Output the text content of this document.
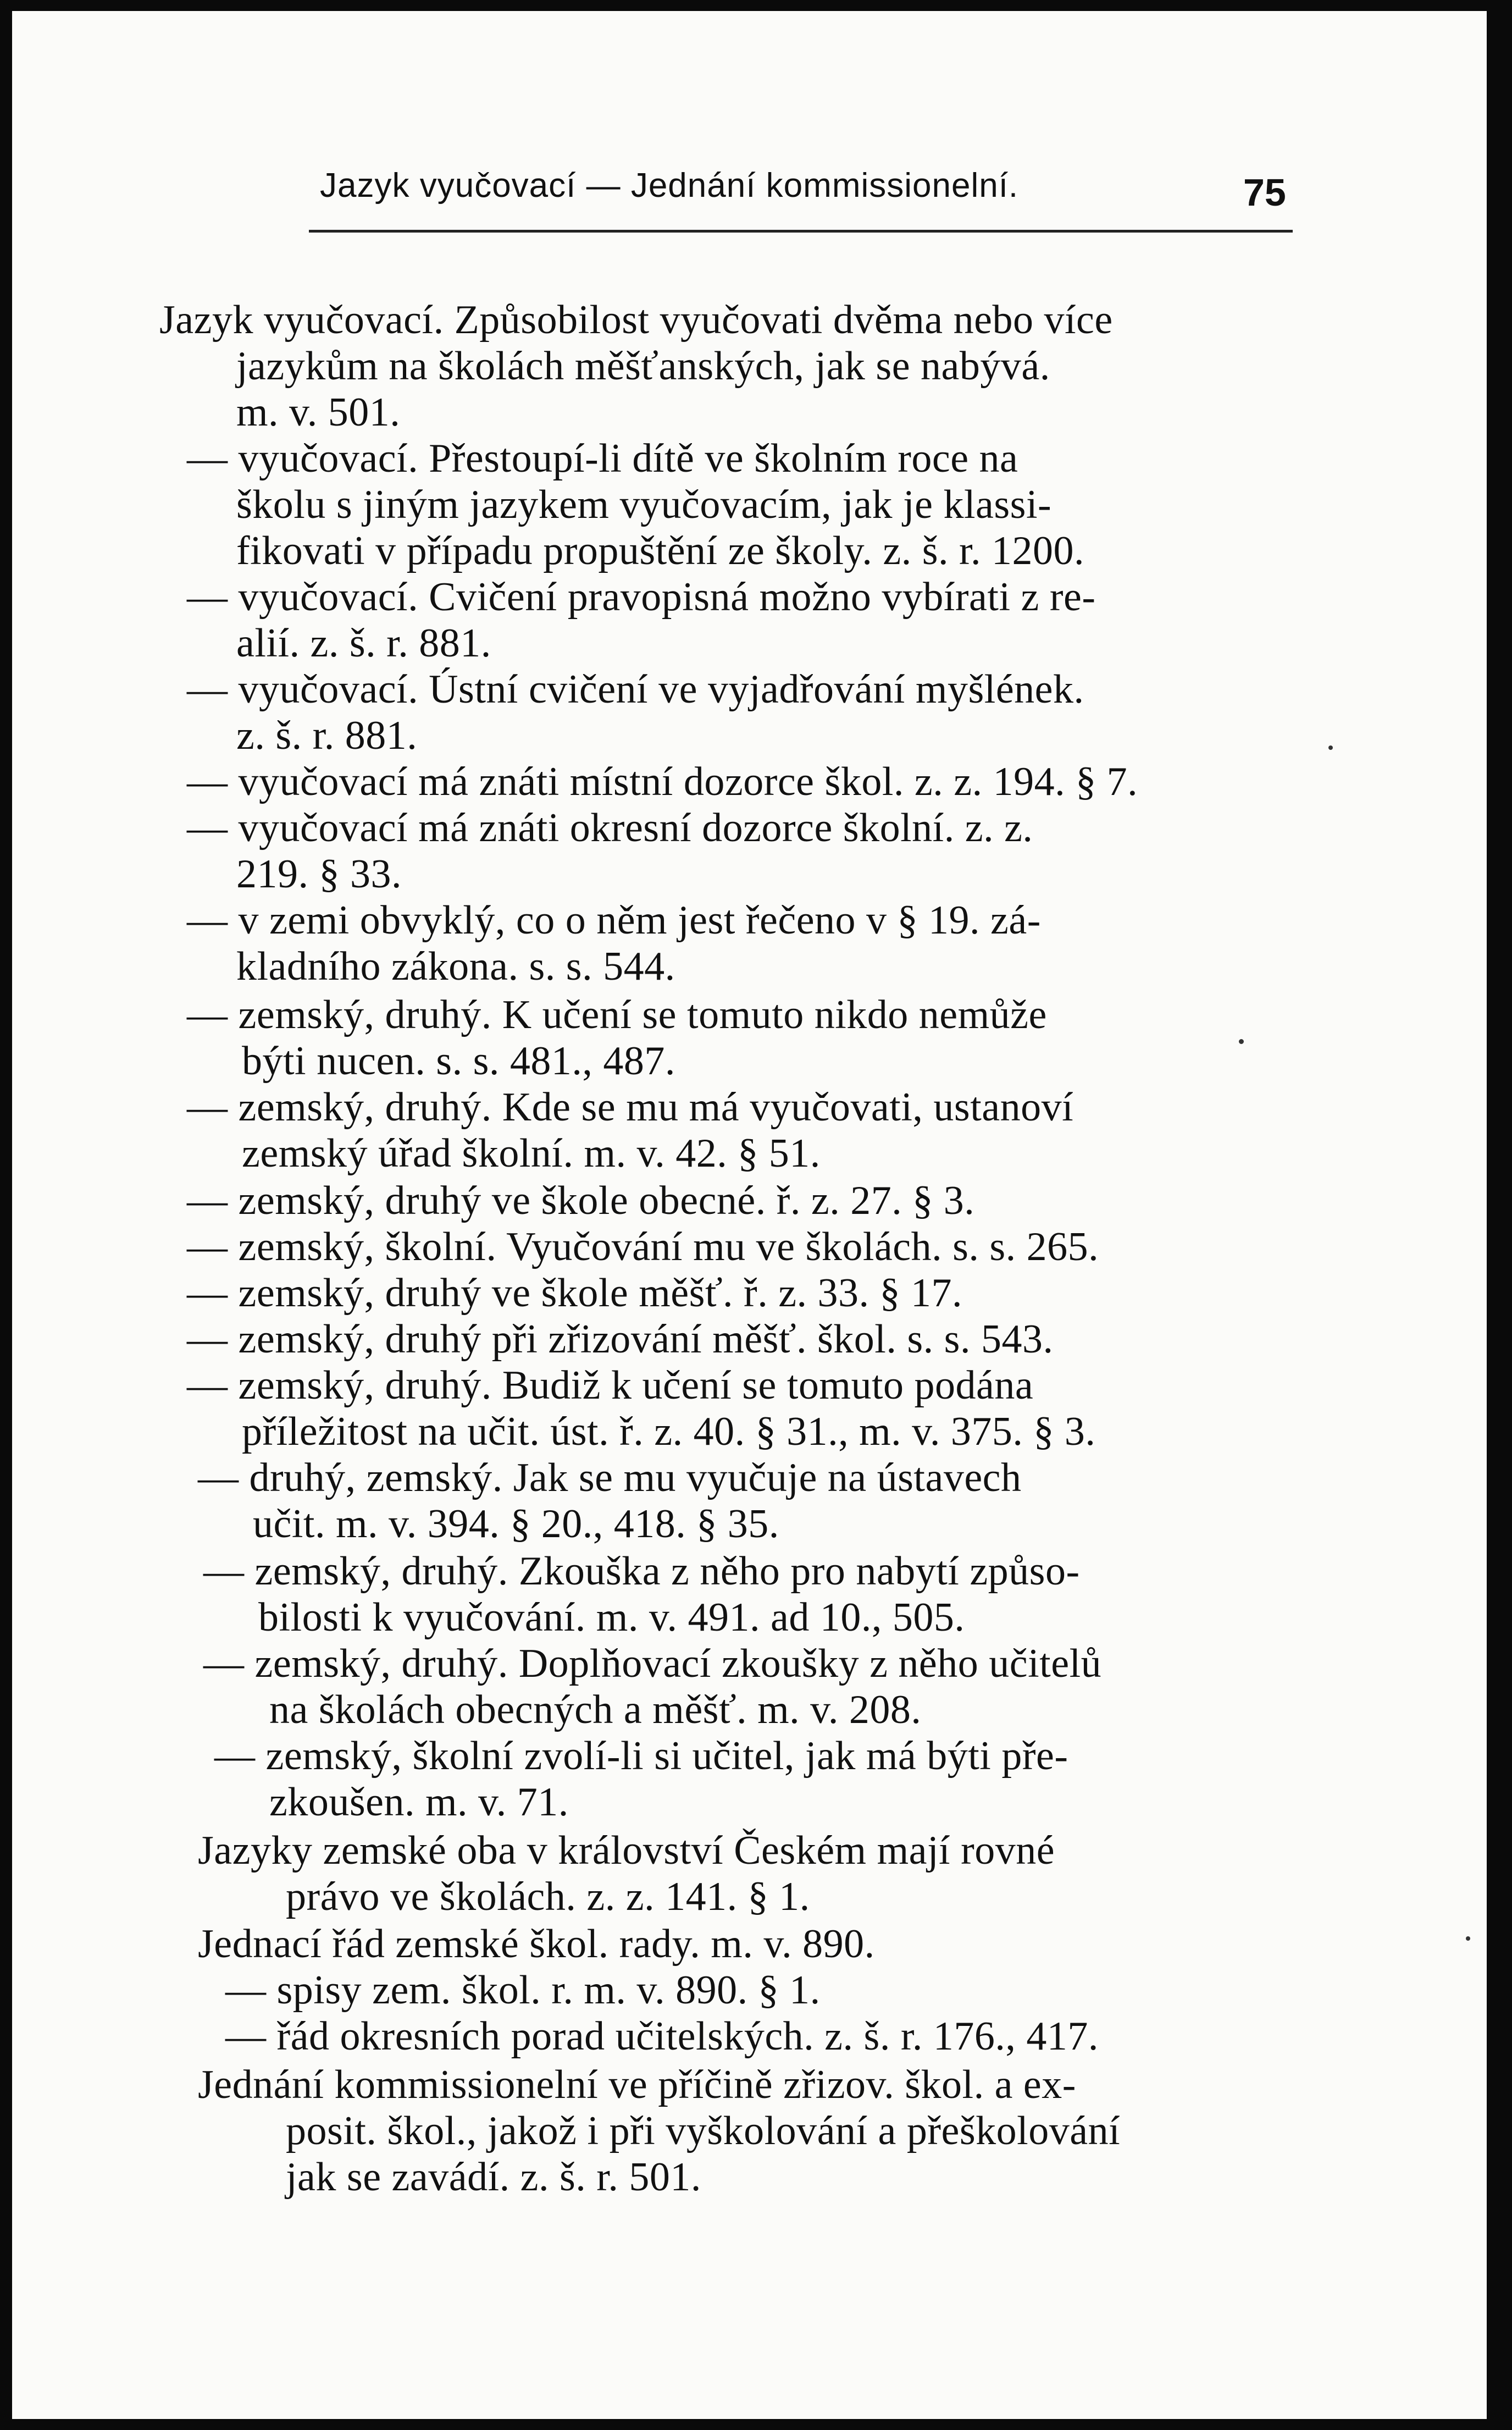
Jazyk vyučovací — Jednání kommissionelní.	75
Jazyk vyučovací. Způsobilost vyučovati dvěma nebo více
jazykům na školách měšťanských, jak se nabývá.
m. v. 501.
— vyučovací. Přestoupí-li dítě ve školním roce na
školu s jiným jazykem vyučovacím, jak je klassi-
fikovati v případu propuštění ze školy. z. š. r. 1200.
— vyučovací. Cvičení pravopisná možno vybírati z re-
alií. z. š. r. 881.
— vyučovací. Ústní cvičení ve vyjadřování myšlének.
z. š. r. 881.
— vyučovací má znáti místní dozorce škol. z. z. 194. § 7.
— vyučovací má znáti okresní dozorce školní. z. z.
219. § 33.
— v zemi obvyklý, co o něm jest řečeno v § 19. zá-
kladního zákona. s. s. 544.
— zemský, druhý. K učení se tomuto nikdo nemůže
býti nucen. s. s. 481., 487.
— zemský, druhý. Kde se mu má vyučovati, ustanoví
zemský úřad školní. m. v. 42. § 51.
— zemský, druhý ve škole obecné. ř. z. 27. § 3.
— zemský, školní. Vyučování mu ve školách. s. s. 265.
— zemský, druhý ve škole měšť. ř. z. 33. § 17.
— zemský, druhý při zřizování měšť. škol. s. s. 543.
— zemský, druhý. Budiž k učení se tomuto podána
příležitost na učit. úst. ř. z. 40. § 31., m. v. 375. § 3.
— druhý, zemský. Jak se mu vyučuje na ústavech
učit. m. v. 394. § 20., 418. § 35.
— zemský, druhý. Zkouška z něho pro nabytí způso-
bilosti k vyučování. m. v. 491. ad 10., 505.
— zemský, druhý. Doplňovací zkoušky z něho učitelů
na školách obecných a měšť. m. v. 208.
— zemský, školní zvolí-li si učitel, jak má býti pře-
zkoušen. m. v. 71.
Jazyky zemské oba v království Českém mají rovné
právo ve školách. z. z. 141. § 1.
Jednací řád zemské škol. rady. m. v. 890.
— spisy zem. škol. r. m. v. 890. § 1.
— řád okresních porad učitelských. z. š. r. 176., 417.
Jednání kommissionelní ve příčině zřizov. škol. a ex-
posit. škol., jakož i při vyškolování a přeškolování
jak se zavádí. z. š. r. 501.
